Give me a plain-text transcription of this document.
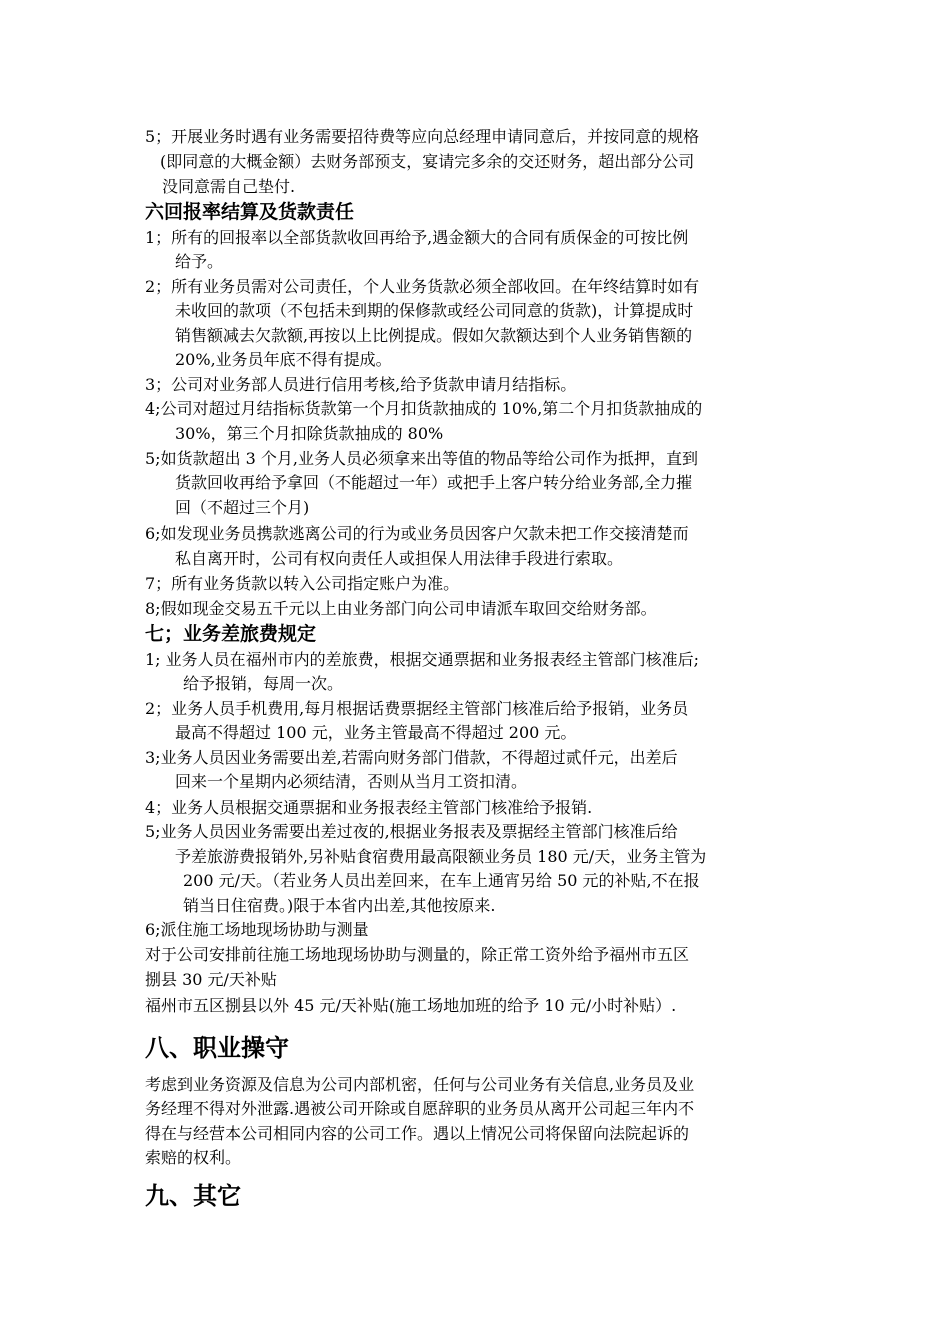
5；开展业务时遇有业务需要招待费等应向总经理申请同意后，并按同意的规格
(即同意的大概金额）去财务部预支，宴请完多余的交还财务，超出部分公司
没同意需自己垫付.
六回报率结算及货款责任
1；所有的回报率以全部货款收回再给予,遇金额大的合同有质保金的可按比例
给予。
2；所有业务员需对公司责任，个人业务货款必须全部收回。在年终结算时如有
未收回的款项（不包括未到期的保修款或经公司同意的货款)，计算提成时
销售额减去欠款额,再按以上比例提成。假如欠款额达到个人业务销售额的
20%,业务员年底不得有提成。
3；公司对业务部人员进行信用考核,给予货款申请月结指标。
4;公司对超过月结指标货款第一个月扣货款抽成的 10%,第二个月扣货款抽成的
30%，第三个月扣除货款抽成的 80%
5;如货款超出 3 个月,业务人员必须拿来出等值的物品等给公司作为抵押，直到
货款回收再给予拿回（不能超过一年）或把手上客户转分给业务部,全力摧
回（不超过三个月)
6;如发现业务员携款逃离公司的行为或业务员因客户欠款未把工作交接清楚而
私自离开时，公司有权向责任人或担保人用法律手段进行索取。
7；所有业务货款以转入公司指定账户为准。
8;假如现金交易五千元以上由业务部门向公司申请派车取回交给财务部。
七；业务差旅费规定
1; 业务人员在福州市内的差旅费，根据交通票据和业务报表经主管部门核准后;
给予报销，每周一次。
2；业务人员手机费用,每月根据话费票据经主管部门核准后给予报销，业务员
最高不得超过 100 元，业务主管最高不得超过 200 元。
3;业务人员因业务需要出差,若需向财务部门借款，不得超过贰仟元，出差后
回来一个星期内必须结清，否则从当月工资扣清。
4；业务人员根据交通票据和业务报表经主管部门核准给予报销.
5;业务人员因业务需要出差过夜的,根据业务报表及票据经主管部门核准后给
予差旅游费报销外,另补贴食宿费用最高限额业务员 180 元/天，业务主管为
200 元/天。（若业务人员出差回来，在车上通宵另给 50 元的补贴,不在报
销当日住宿费。)限于本省内出差,其他按原来.
6;派住施工场地现场协助与测量
对于公司安排前往施工场地现场协助与测量的，除正常工资外给予福州市五区
捌县 30 元/天补贴
福州市五区捌县以外 45 元/天补贴(施工场地加班的给予 10 元/小时补贴）.
八、职业操守
考虑到业务资源及信息为公司内部机密，任何与公司业务有关信息,业务员及业
务经理不得对外泄露.遇被公司开除或自愿辞职的业务员从离开公司起三年内不
得在与经营本公司相同内容的公司工作。遇以上情况公司将保留向法院起诉的
索赔的权利。
九、其它
